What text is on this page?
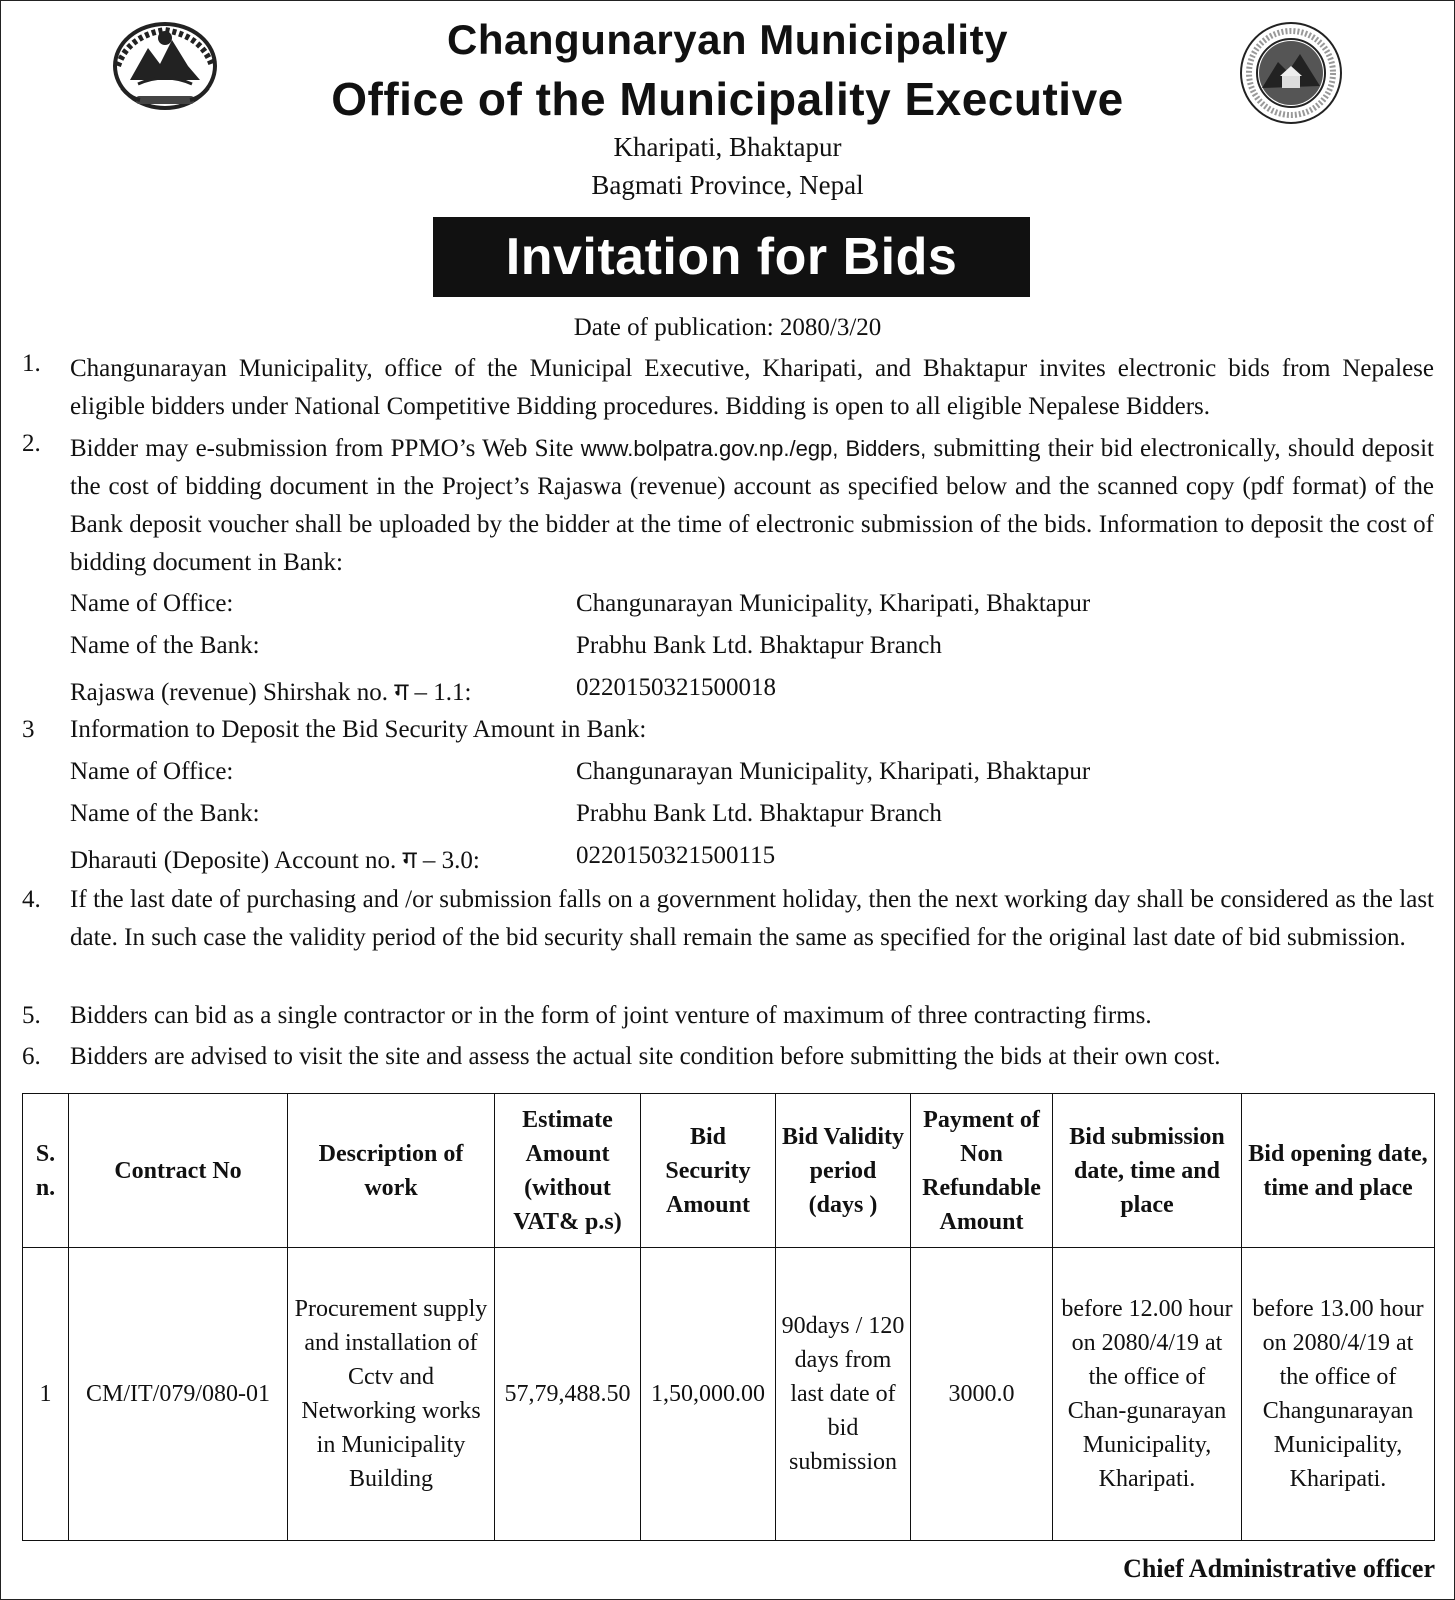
Changunaryan Municipality
Office of the Municipality Executive
Kharipati, Bhaktapur
Bagmati Province, Nepal
Invitation for Bids
Date of publication: 2080/3/20
1. Changunarayan Municipality, office of the Municipal Executive, Kharipati, and Bhaktapur invites electronic bids from Nepalese eligible bidders under National Competitive Bidding procedures. Bidding is open to all eligible Nepalese Bidders.
2. Bidder may e-submission from PPMO’s Web Site www.bolpatra.gov.np./egp, Bidders, submitting their bid electronically, should deposit the cost of bidding document in the Project’s Rajaswa (revenue) account as specified below and the scanned copy (pdf format) of the Bank deposit voucher shall be uploaded by the bidder at the time of electronic submission of the bids. Information to deposit the cost of bidding document in Bank:
Name of Office:	Changunarayan Municipality, Kharipati, Bhaktapur
Name of the Bank:	Prabhu Bank Ltd. Bhaktapur Branch
Rajaswa (revenue) Shirshak no. ग – 1.1:	0220150321500018
3 Information to Deposit the Bid Security Amount in Bank:
Name of Office:	Changunarayan Municipality, Kharipati, Bhaktapur
Name of the Bank:	Prabhu Bank Ltd. Bhaktapur Branch
Dharauti (Deposite) Account no. ग – 3.0:	0220150321500115
4. If the last date of purchasing and /or submission falls on a government holiday, then the next working day shall be considered as the last date. In such case the validity period of the bid security shall remain the same as specified for the original last date of bid submission.
5. Bidders can bid as a single contractor or in the form of joint venture of maximum of three contracting firms.
6. Bidders are advised to visit the site and assess the actual site condition before submitting the bids at their own cost.
S. n.	Contract No	Description of work	Estimate Amount (without VAT& p.s)	Bid Security Amount	Bid Validity period (days )	Payment of Non Refundable Amount	Bid submission date, time and place	Bid opening date, time and place
1	CM/IT/079/080-01	Procurement supply and installation of Cctv and Networking works in Municipality Building	57,79,488.50	1,50,000.00	90days / 120 days from last date of bid submission	3000.0	before 12.00 hour on 2080/4/19 at the office of Chan-gunarayan Municipality, Kharipati.	before 13.00 hour on 2080/4/19 at the office of Changunarayan Municipality, Kharipati.
Chief Administrative officer
